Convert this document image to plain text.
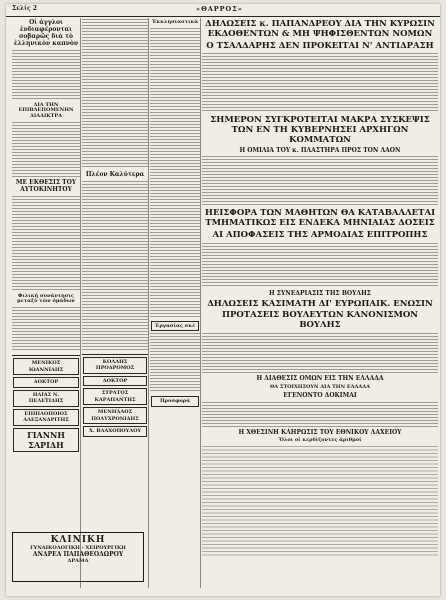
Σελίς 2	«ΘΑΡΡΟΣ»
Οἱ ἀγγλοι ἐνδιαφέρονται σοβαρῶς διὰ τὸ ἐλληνικὸν καπνὸν
ΔΙΑ ΤΗΝ ΕΠΙΒΛΕΠΟΜΕΝΗΝ ΔΙΑΔΙΚΤΡΑ
ΜΕ ΕΚΘΕΣΙΣ ΤΟΥ ΑΥΤΟΚΙΝΗΤΟΥ
Φιλική συνάντησις μεταξὺ τῶν ὁμάδων
ΜΕΝΙΚΟΣ ΙΩΑΝΝΙΔΗΣ
ΔΟΚΤΟΡ
ΗΛΙΑΣ Ν. ΠΕΛΕΤΙΔΗΣ
ΕΠΙΠΛΟΠΟΙΟΣ ΑΛΕΞΑΝΔΡΙΤΗΣ
ΓΙΑΝΝΗ ΣΑΡΙΔΗ
Πλέον Καλύτερα
ΚΟΛΛΗΣ ΠΡΟΔΡΟΜΟΣ
ΔΟΚΤΟΡ
ΣΤΡΑΤΟΣ ΚΑΡΑΠΑΝΤΗΣ
ΜΕΝΗΛΑΟΣ ΠΟΛΥΧΡΟΝΙΔΗΣ
Χ. ΒΛΑΧΟΠΟΥΛΟΥ
Ἐκκλησιαστικὰ
Ἐργασίας σκὲ
Προσφορά
ΔΗΛΩΣΕΙΣ κ. ΠΑΠΑΝΔΡΕΟΥ ΔΙΑ ΤΗΝ ΚΥΡΩΣΙΝ ΕΚΔΟΘΕΝΤΩΝ & ΜΗ ΨΗΦΙΣΘΕΝΤΩΝ ΝΟΜΩΝ
Ο ΤΣΑΛΔΑΡΗΣ ΔΕΝ ΠΡΟΚΕΙΤΑΙ Ν' ΑΝΤΙΔΡΑΣΗ
ΣΗΜΕΡΟΝ ΣΥΓΚΡΟΤΕΙΤΑΙ ΜΑΚΡΑ ΣΥΣΚΕΨΙΣ ΤΩΝ ΕΝ ΤΗ ΚΥΒΕΡΝΗΣΕΙ ΑΡΧΗΓΩΝ ΚΟΜΜΑΤΩΝ
Η ΟΜΙΛΙΑ ΤΟΥ κ. ΠΛΑΣΤΗΡΑ ΠΡΟΣ ΤΟΝ ΛΑΟΝ
ΗΕΙΣΦΟΡΑ ΤΩΝ ΜΑΘΗΤΩΝ ΘΑ ΚΑΤΑΒΑΛΛΕΤΑΙ ΤΜΗΜΑΤΙΚΩΣ ΕΙΣ ΕΝΔΕΚΑ ΜΗΝΙΑΙΑΣ ΔΟΣΕΙΣ
ΑΙ ΑΠΟΦΑΣΕΙΣ ΤΗΣ ΑΡΜΟΔΙΑΣ ΕΠΙΤΡΟΠΗΣ
Η ΣΥΝΕΔΡΙΑΣΙΣ ΤΗΣ ΒΟΥΛΗΣ
ΔΗΛΩΣΕΙΣ ΚΑΣΙΜΑΤΗ ΔΙ' ΕΥΡΩΠΑΙΚ. ΕΝΩΣΙΝ
ΠΡΟΤΑΣΕΙΣ ΒΟΥΛΕΥΤΩΝ ΚΑΝΟΝΙΣΜΟΝ ΒΟΥΛΗΣ
Η ΔΙΑΘΕΣΙΣ ΟΜΩΝ ΕΙΣ ΤΗΝ ΕΛΛΑΔΑ
ΘΑ ΣΤΟΙΧΗΣΟΥΝ ΔΙΑ ΤΗΝ ΕΛΛΑΔΑ
ΕΓΕΝΟΝΤΟ ΔΟΚΙΜΑΙ
Η ΧΘΕΣΙΝΗ ΚΛΗΡΩΣΙΣ ΤΟΥ ΕΘΝΙΚΟΥ ΛΑΧΕΙΟΥ
Ὅλοι οἱ κερδίζοντες ἀριθμοί
ΚΛΙΝΙΚΗ
ΓΥΝΑΙΚΟΛΟΓΙΚΗ - ΧΕΙΡΟΥΡΓΙΚΗ
ΑΝΔΡΕΑ ΠΑΠΑΘΕΟΔΩΡΟΥ
ΔΡΑΜΑ
